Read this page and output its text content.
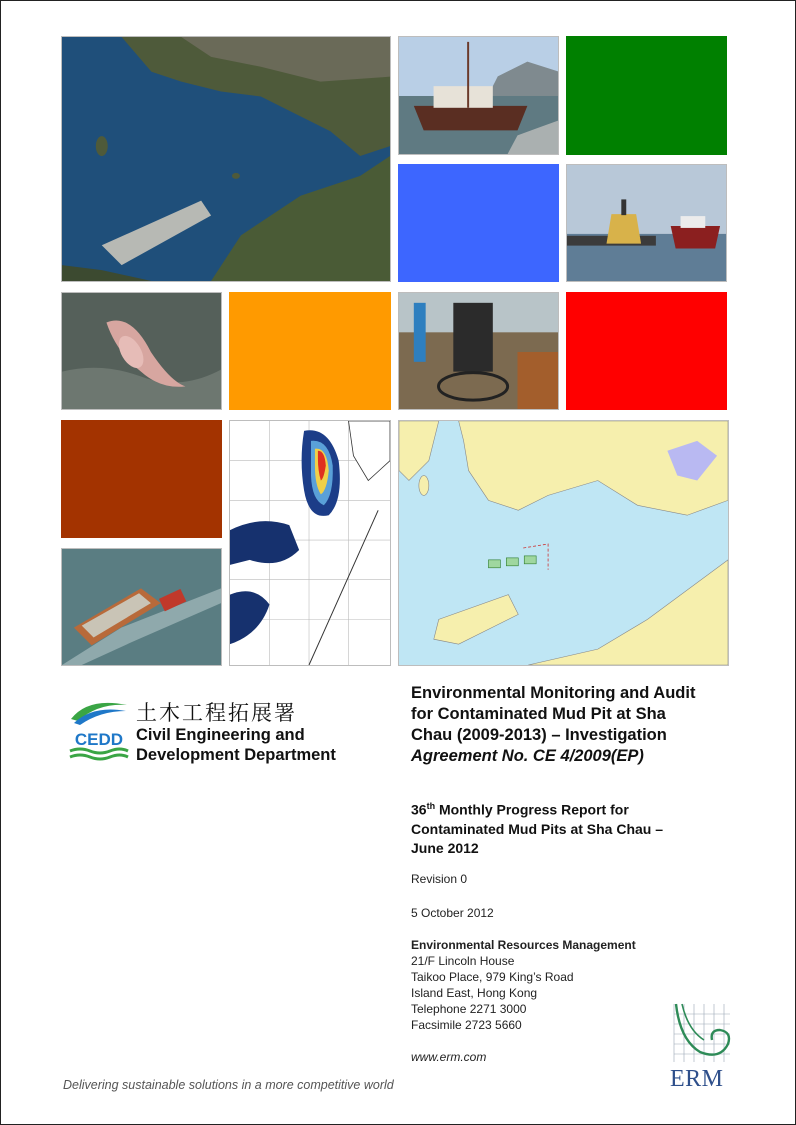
CEDD
土木工程拓展署
Civil Engineering and
Development Department
Environmental Monitoring and Audit
for Contaminated Mud Pit at Sha
Chau (2009-2013) – Investigation
Agreement No. CE 4/2009(EP)
36th Monthly Progress Report for
Contaminated Mud Pits at Sha Chau –
June 2012
Revision 0
5 October 2012
Environmental Resources Management
21/F Lincoln House
Taikoo Place, 979 King’s Road
Island East, Hong Kong
Telephone 2271 3000
Facsimile 2723 5660
www.erm.com
Delivering sustainable solutions in a more competitive world	ERM
